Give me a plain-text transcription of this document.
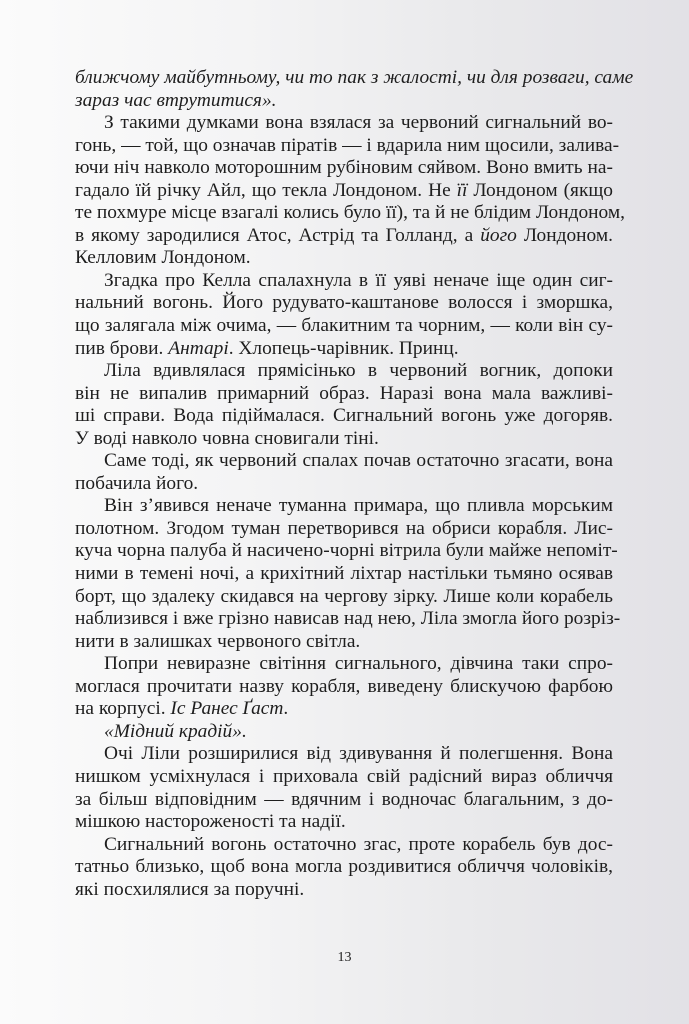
ближчому майбутньому, чи то пак з жалості, чи для розваги, саме
зараз час втрутитися».
З такими думками вона взялася за червоний сигнальний во-
гонь, — той, що означав піратів — і вдарила ним щосили, залива-
ючи ніч навколо моторошним рубіновим сяйвом. Воно вмить на-
гадало їй річку Айл, що текла Лондоном. Не її Лондоном (якщо
те похмуре місце взагалі колись було її), та й не блідим Лондоном,
в якому зародилися Атос, Астрід та Голланд, а його Лондоном.
Келловим Лондоном.
Згадка про Келла спалахнула в її уяві неначе іще один сиг-
нальний вогонь. Його рудувато-каштанове волосся і зморшка,
що залягала між очима, — блакитним та чорним, — коли він су-
пив брови. Антарі. Хлопець-чарівник. Принц.
Ліла вдивлялася прямісінько в червоний вогник, допоки
він не випалив примарний образ. Наразі вона мала важливі-
ші справи. Вода підіймалася. Сигнальний вогонь уже догоряв.
У воді навколо човна сновигали тіні.
Саме тоді, як червоний спалах почав остаточно згасати, вона
побачила його.
Він з’явився неначе туманна примара, що пливла морським
полотном. Згодом туман перетворився на обриси корабля. Лис-
куча чорна палуба й насичено-чорні вітрила були майже непоміт-
ними в темені ночі, а крихітний ліхтар настільки тьмяно осявав
борт, що здалеку скидався на чергову зірку. Лише коли корабель
наблизився і вже грізно нависав над нею, Ліла змогла його розріз-
нити в залишках червоного світла.
Попри невиразне світіння сигнального, дівчина таки спро-
моглася прочитати назву корабля, виведену блискучою фарбою
на корпусі. Іс Ранес Ґаст.
«Мідний крадій».
Очі Ліли розширилися від здивування й полегшення. Вона
нишком усміхнулася і приховала свій радісний вираз обличчя
за більш відповідним — вдячним і водночас благальним, з до-
мішкою настороженості та надії.
Сигнальний вогонь остаточно згас, проте корабель був дос-
татньо близько, щоб вона могла роздивитися обличчя чоловіків,
які посхилялися за поручні.
13
